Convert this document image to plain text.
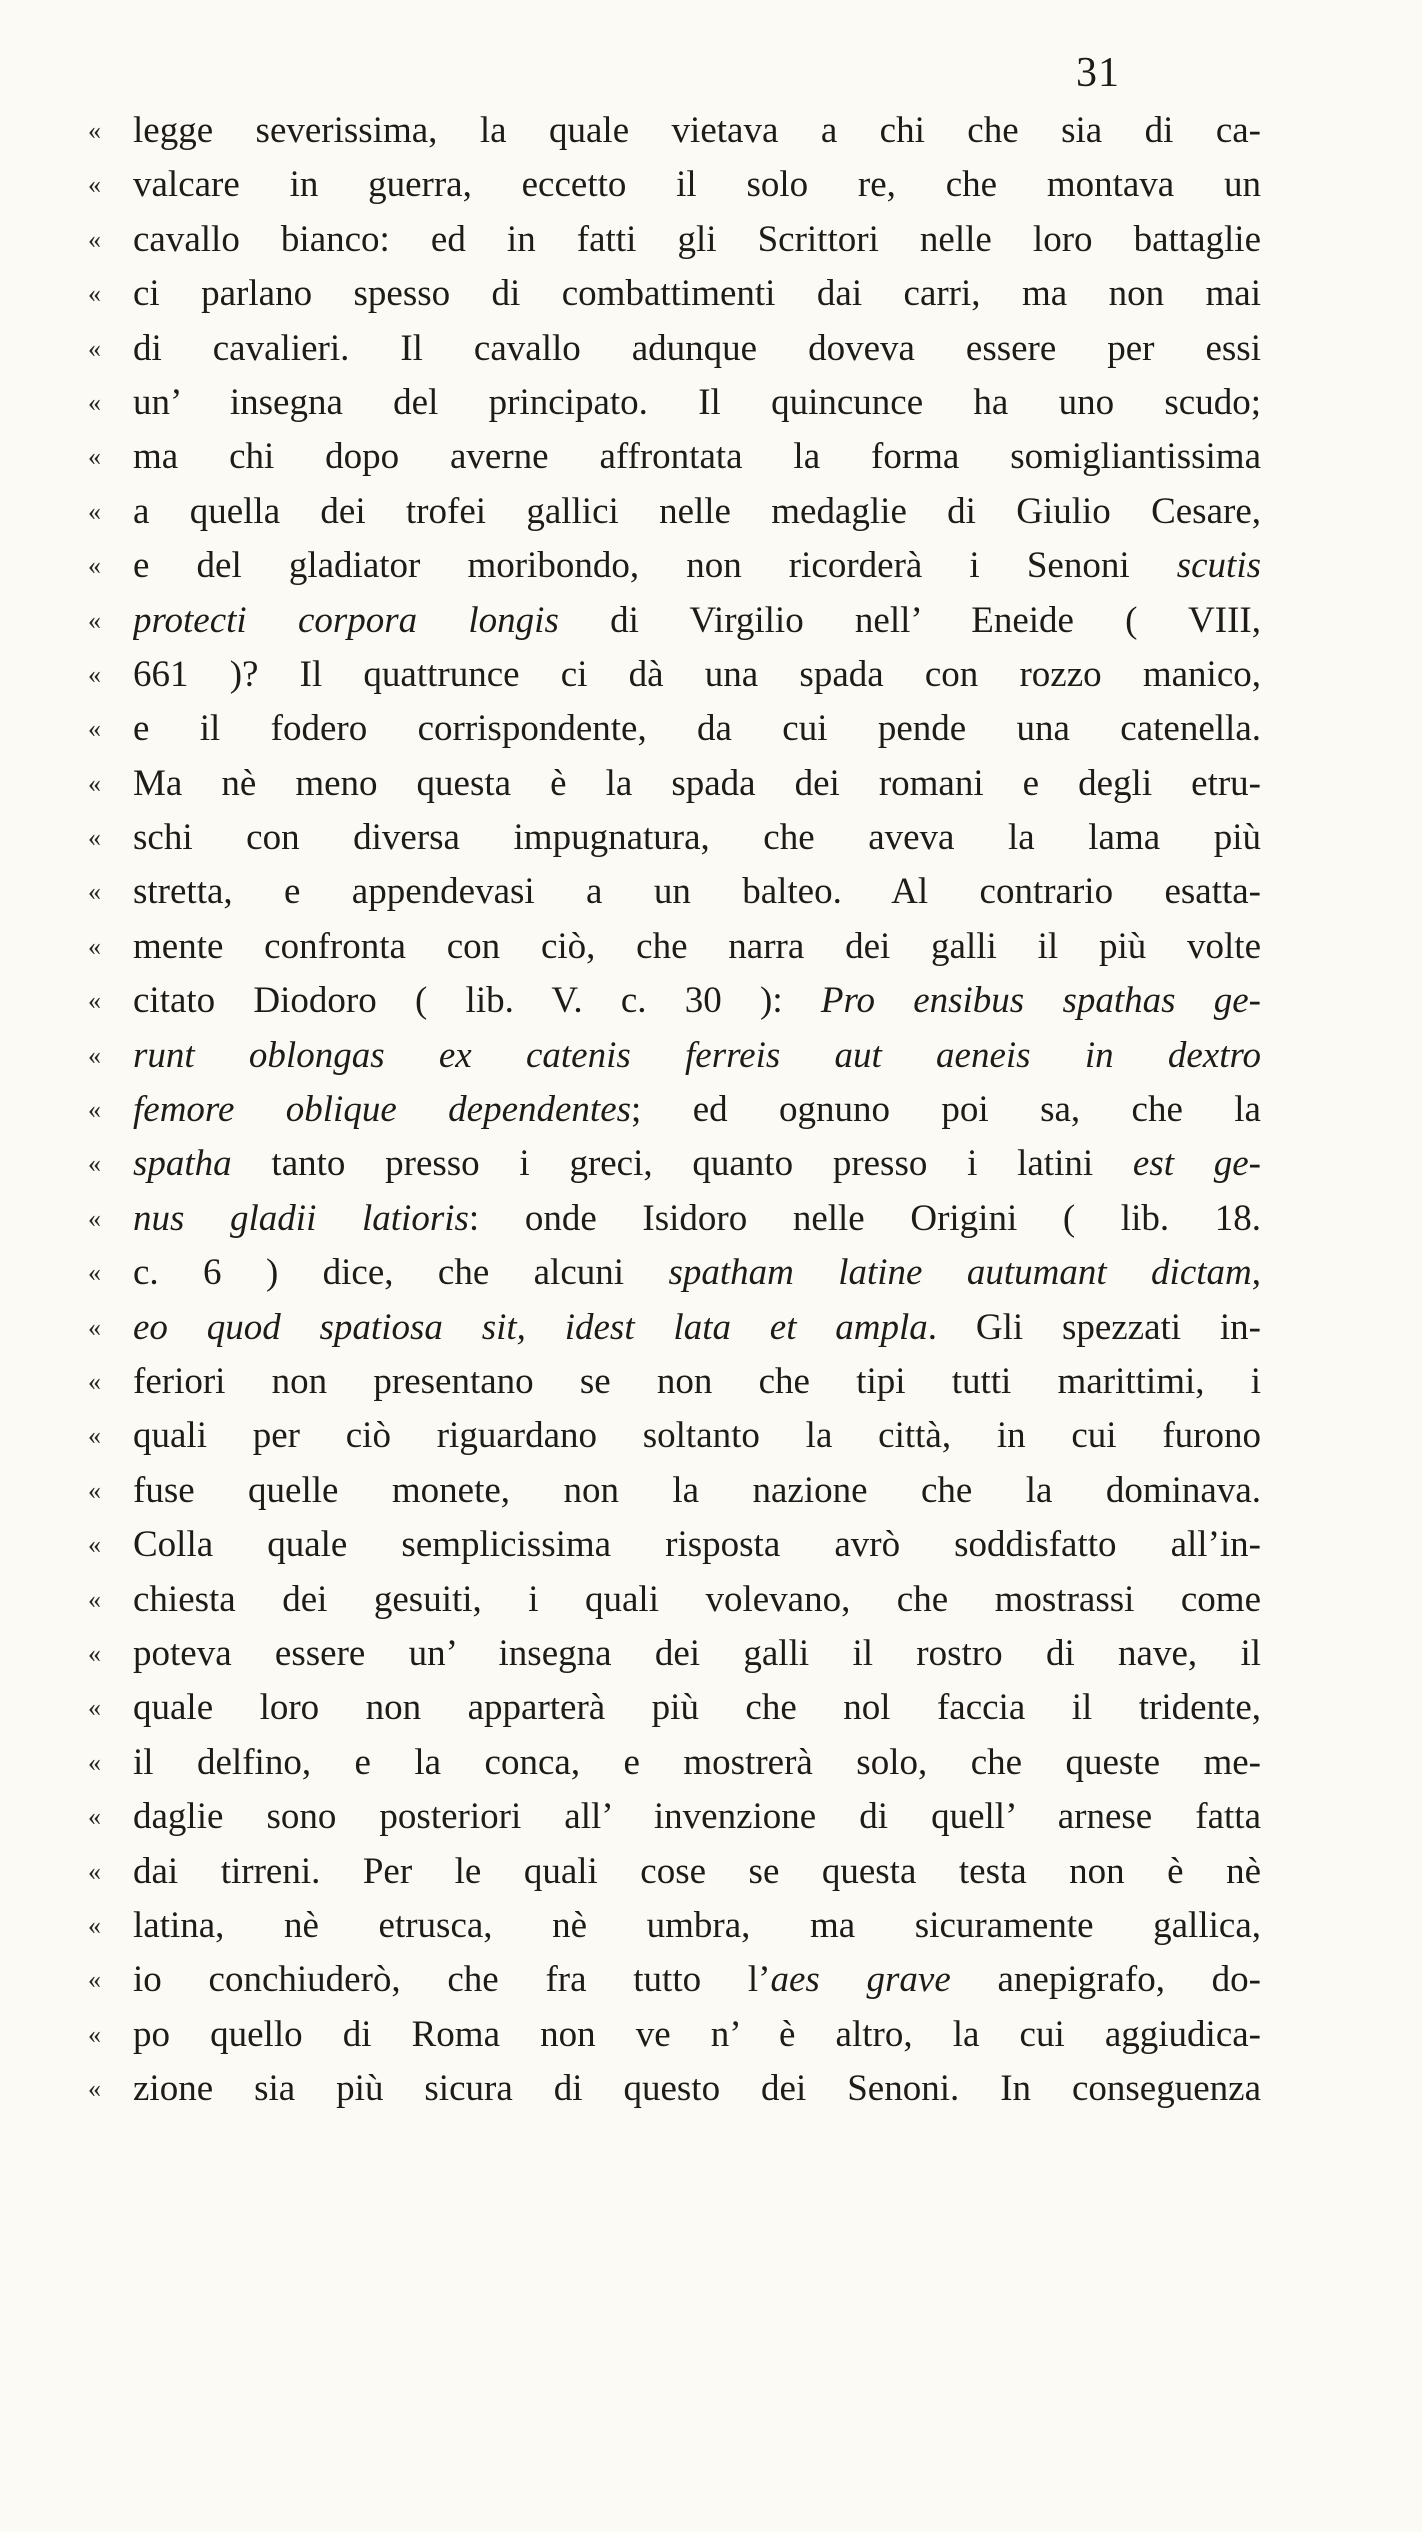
31
« legge severissima, la quale vietava a chi che sia di ca-
« valcare in guerra, eccetto il solo re, che montava un
« cavallo bianco: ed in fatti gli Scrittori nelle loro battaglie
« ci parlano spesso di combattimenti dai carri, ma non mai
« di cavalieri. Il cavallo adunque doveva essere per essi
« un’ insegna del principato. Il quincunce ha uno scudo;
« ma chi dopo averne affrontata la forma somigliantissima
« a quella dei trofei gallici nelle medaglie di Giulio Cesare,
« e del gladiator moribondo, non ricorderà i Senoni scutis
« protecti corpora longis di Virgilio nell’ Eneide ( VIII,
« 661 )? Il quattrunce ci dà una spada con rozzo manico,
« e il fodero corrispondente, da cui pende una catenella.
« Ma nè meno questa è la spada dei romani e degli etru-
« schi con diversa impugnatura, che aveva la lama più
« stretta, e appendevasi a un balteo. Al contrario esatta-
« mente confronta con ciò, che narra dei galli il più volte
« citato Diodoro ( lib. V. c. 30 ): Pro ensibus spathas ge-
« runt oblongas ex catenis ferreis aut aeneis in dextro
« femore oblique dependentes; ed ognuno poi sa, che la
« spatha tanto presso i greci, quanto presso i latini est ge-
« nus gladii latioris: onde Isidoro nelle Origini ( lib. 18.
« c. 6 ) dice, che alcuni spatham latine autumant dictam,
« eo quod spatiosa sit, idest lata et ampla. Gli spezzati in-
« feriori non presentano se non che tipi tutti marittimi, i
« quali per ciò riguardano soltanto la città, in cui furono
« fuse quelle monete, non la nazione che la dominava.
« Colla quale semplicissima risposta avrò soddisfatto all’in-
« chiesta dei gesuiti, i quali volevano, che mostrassi come
« poteva essere un’ insegna dei galli il rostro di nave, il
« quale loro non apparterà più che nol faccia il tridente,
« il delfino, e la conca, e mostrerà solo, che queste me-
« daglie sono posteriori all’ invenzione di quell’ arnese fatta
« dai tirreni. Per le quali cose se questa testa non è nè
« latina, nè etrusca, nè umbra, ma sicuramente gallica,
« io conchiuderò, che fra tutto l’aes grave anepigrafo, do-
« po quello di Roma non ve n’ è altro, la cui aggiudica-
« zione sia più sicura di questo dei Senoni. In conseguenza
